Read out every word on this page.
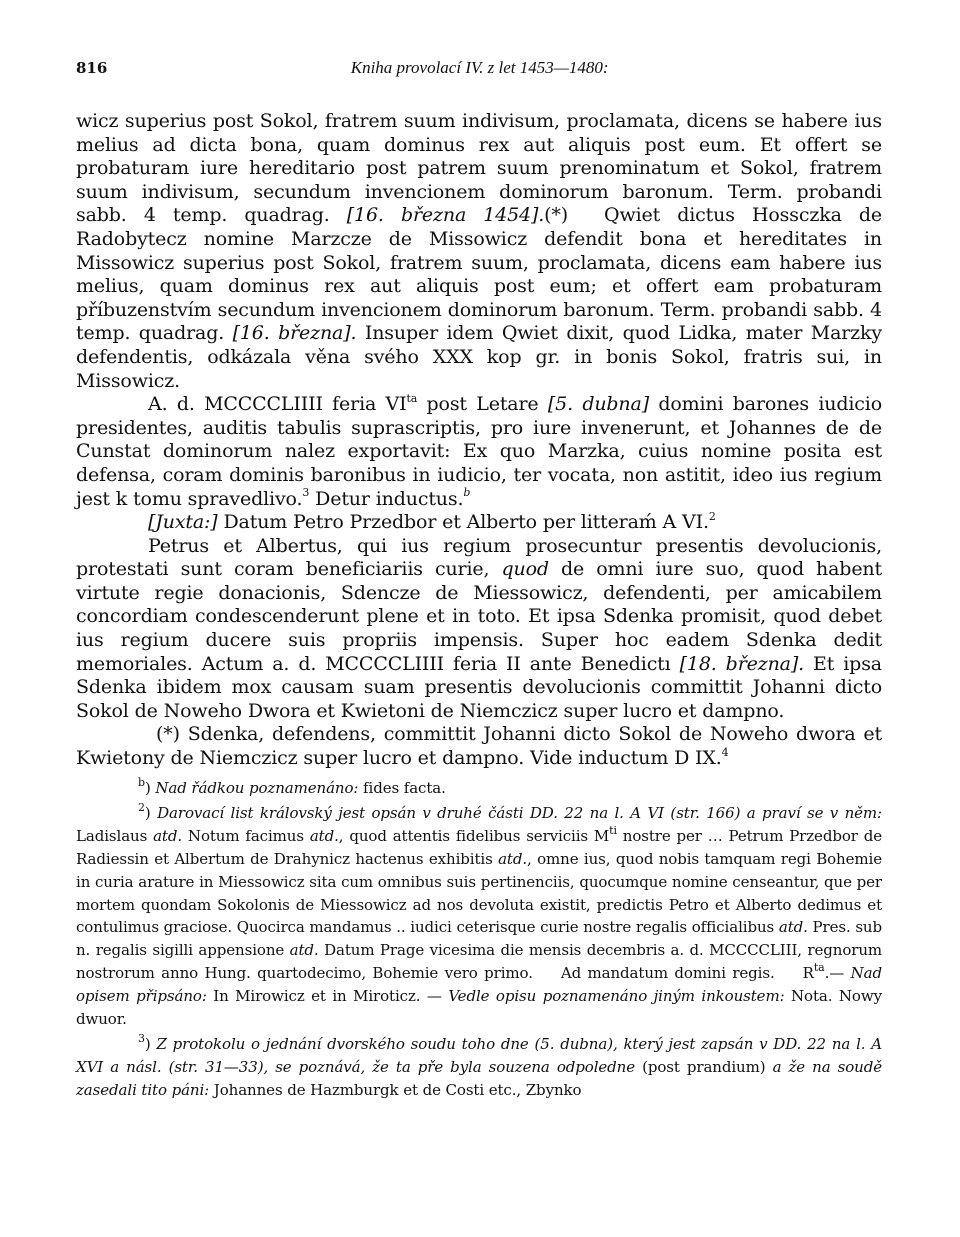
816	Kniha provolací IV. z let 1453—1480:

wicz superius post Sokol, fratrem suum indivisum, proclamata, dicens se habere ius melius ad dicta bona, quam dominus rex aut aliquis post eum. Et offert se probaturam iure hereditario post patrem suum prenominatum et Sokol, fratrem suum indivisum, secundum invencionem dominorum baronum. Term. probandi sabb. 4 temp. quadrag. [16. března 1454].(*) Qwiet dictus Hossczka de Radobytecz nomine Marzcze de Missowicz defendit bona et hereditates in Missowicz superius post Sokol, fratrem suum, proclamata, dicens eam habere ius melius, quam dominus rex aut aliquis post eum; et offert eam probaturam příbuzenstvím secundum invencionem dominorum baronum. Term. probandi sabb. 4 temp. quadrag. [16. března]. Insuper idem Qwiet dixit, quod Lidka, mater Marzky defendentis, odkázala věna svého XXX kop gr. in bonis Sokol, fratris sui, in Missowicz.

A. d. MCCCCLIIII feria $VI^{ta}$ post Letare [5. dubna] domini barones iudicio presidentes, auditis tabulis suprascriptis, pro iure invenerunt, et Johannes de de Cunstat dominorum nalez exportavit: Ex quo Marzka, cuius nomine posita est defensa, coram dominis baronibus in iudicio, ter vocata, non astitit, ideo ius regium jest k tomu spravedlivo.$^3$ Detur inductus.$^b$

[Juxta:] Datum Petro Przedbor et Alberto per litteraḿ A VI.$^2$

Petrus et Albertus, qui ius regium prosecuntur presentis devolucionis, protestati sunt coram beneficiariis curie, quod de omni iure suo, quod habent virtute regie donacionis, Sdencze de Miessowicz, defendenti, per amicabilem concordiam condescenderunt plene et in toto. Et ipsa Sdenka promisit, quod debet ius regium ducere suis propriis impensis. Super hoc eadem Sdenka dedit memoriales. Actum a. d. MCCCCLIIII feria II ante Benedictı [18. března]. Et ipsa Sdenka ibidem mox causam suam presentis devolucionis committit Johanni dicto Sokol de Noweho Dwora et Kwietoni de Niemczicz super lucro et dampno.

(*) Sdenka, defendens, committit Johanni dicto Sokol de Noweho dwora et Kwietony de Niemczicz super lucro et dampno. Vide inductum D IX.$^4$

$^b$) Nad řádkou poznamenáno: fides facta.

$^2$) Darovací list královský jest opsán v druhé části DD. 22 na l. A VI (str. 166) a praví se v něm: Ladislaus atd. Notum facimus atd., quod attentis fidelibus serviciis $M^{ti}$ nostre per … Petrum Przedbor de Radiessin et Albertum de Drahynicz hactenus exhibitis atd., omne ius, quod nobis tamquam regi Bohemie in curia arature in Miessowicz sita cum omnibus suis pertinenciis, quocumque nomine censeantur, que per mortem quondam Sokolonis de Miessowicz ad nos devoluta existit, predictis Petro et Alberto dedimus et contulimus graciose. Quocirca mandamus .. iudici ceterisque curie nostre regalis officialibus atd. Pres. sub n. regalis sigilli appensione atd. Datum Prage vicesima die mensis decembris a. d. MCCCCLIII, regnorum nostrorum anno Hung. quartodecimo, Bohemie vero primo. Ad mandatum domini regis. $R^{ta}.—$ Nad opisem připsáno: In Mirowicz et in Miroticz. — Vedle opisu poznamenáno jiným inkoustem: Nota. Nowy dwuor.

$^3$) Z protokolu o jednání dvorského soudu toho dne (5. dubna), který jest zapsán v DD. 22 na l. A XVI a násl. (str. 31—33), se poznává, že ta pře byla souzena odpoledne (post prandium) a že na soudě zasedali tito páni: Johannes de Hazmburgk et de Costi etc., Zbynko
